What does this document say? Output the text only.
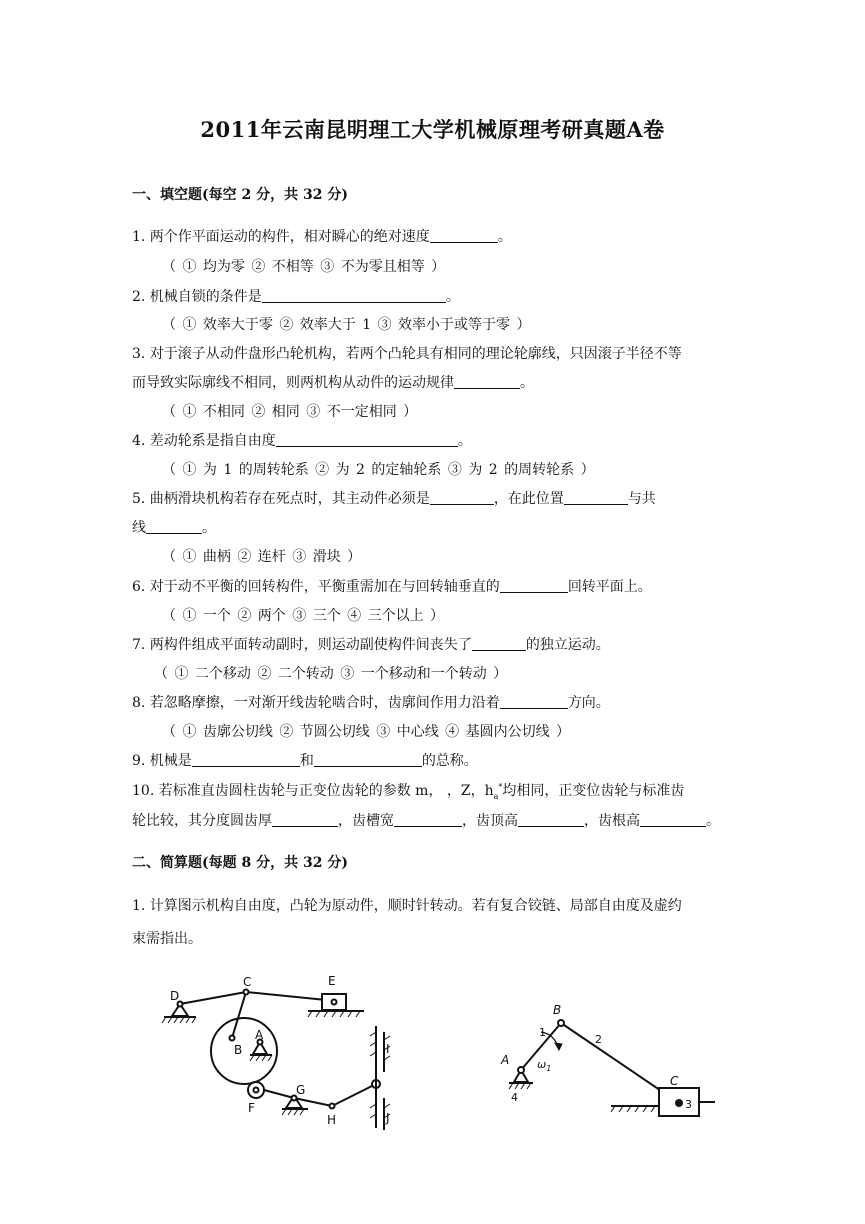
2011年云南昆明理工大学机械原理考研真题A卷
一、填空题(每空 2 分，共 32 分)
1. 两个作平面运动的构件，相对瞬心的绝对速度	。
（ ① 均为零 ② 不相等 ③ 不为零且相等 ）
2. 机械自锁的条件是	。
（ ① 效率大于零 ② 效率大于 1 ③ 效率小于或等于零 ）
3. 对于滚子从动件盘形凸轮机构，若两个凸轮具有相同的理论轮廓线，只因滚子半径不等
而导致实际廓线不相同，则两机构从动件的运动规律	。
（ ① 不相同 ② 相同 ③ 不一定相同 ）
4. 差动轮系是指自由度	。
（ ① 为 1 的周转轮系 ② 为 2 的定轴轮系 ③ 为 2 的周转轮系 ）
5. 曲柄滑块机构若存在死点时，其主动件必须是	，在此位置	与共
线	。
（ ① 曲柄 ② 连杆 ③ 滑块 ）
6. 对于动不平衡的回转构件，平衡重需加在与回转轴垂直的	回转平面上。
（ ① 一个 ② 两个 ③ 三个 ④ 三个以上 ）
7. 两构件组成平面转动副时，则运动副使构件间丧失了	的独立运动。
（ ① 二个移动 ② 二个转动 ③ 一个移动和一个转动 ）
8. 若忽略摩擦，一对渐开线齿轮啮合时，齿廓间作用力沿着	方向。
（ ① 齿廓公切线 ② 节圆公切线 ③ 中心线 ④ 基圆内公切线 ）
9. 机械是	和	的总称。
10. 若标准直齿圆柱齿轮与正变位齿轮的参数 m， ，Z，$h_a^*$均相同，正变位齿轮与标准齿
轮比较，其分度圆齿厚	，齿槽宽	，齿顶高	，齿根高	。
二、简算题(每题 8 分，共 32 分)
1. 计算图示机构自由度，凸轮为原动件，顺时针转动。若有复合铰链、局部自由度及虚约
束需指出。
D
C	E
B
A
F
G
H
I
J
B
A
C
1
2
3
4
$\omega_1$
